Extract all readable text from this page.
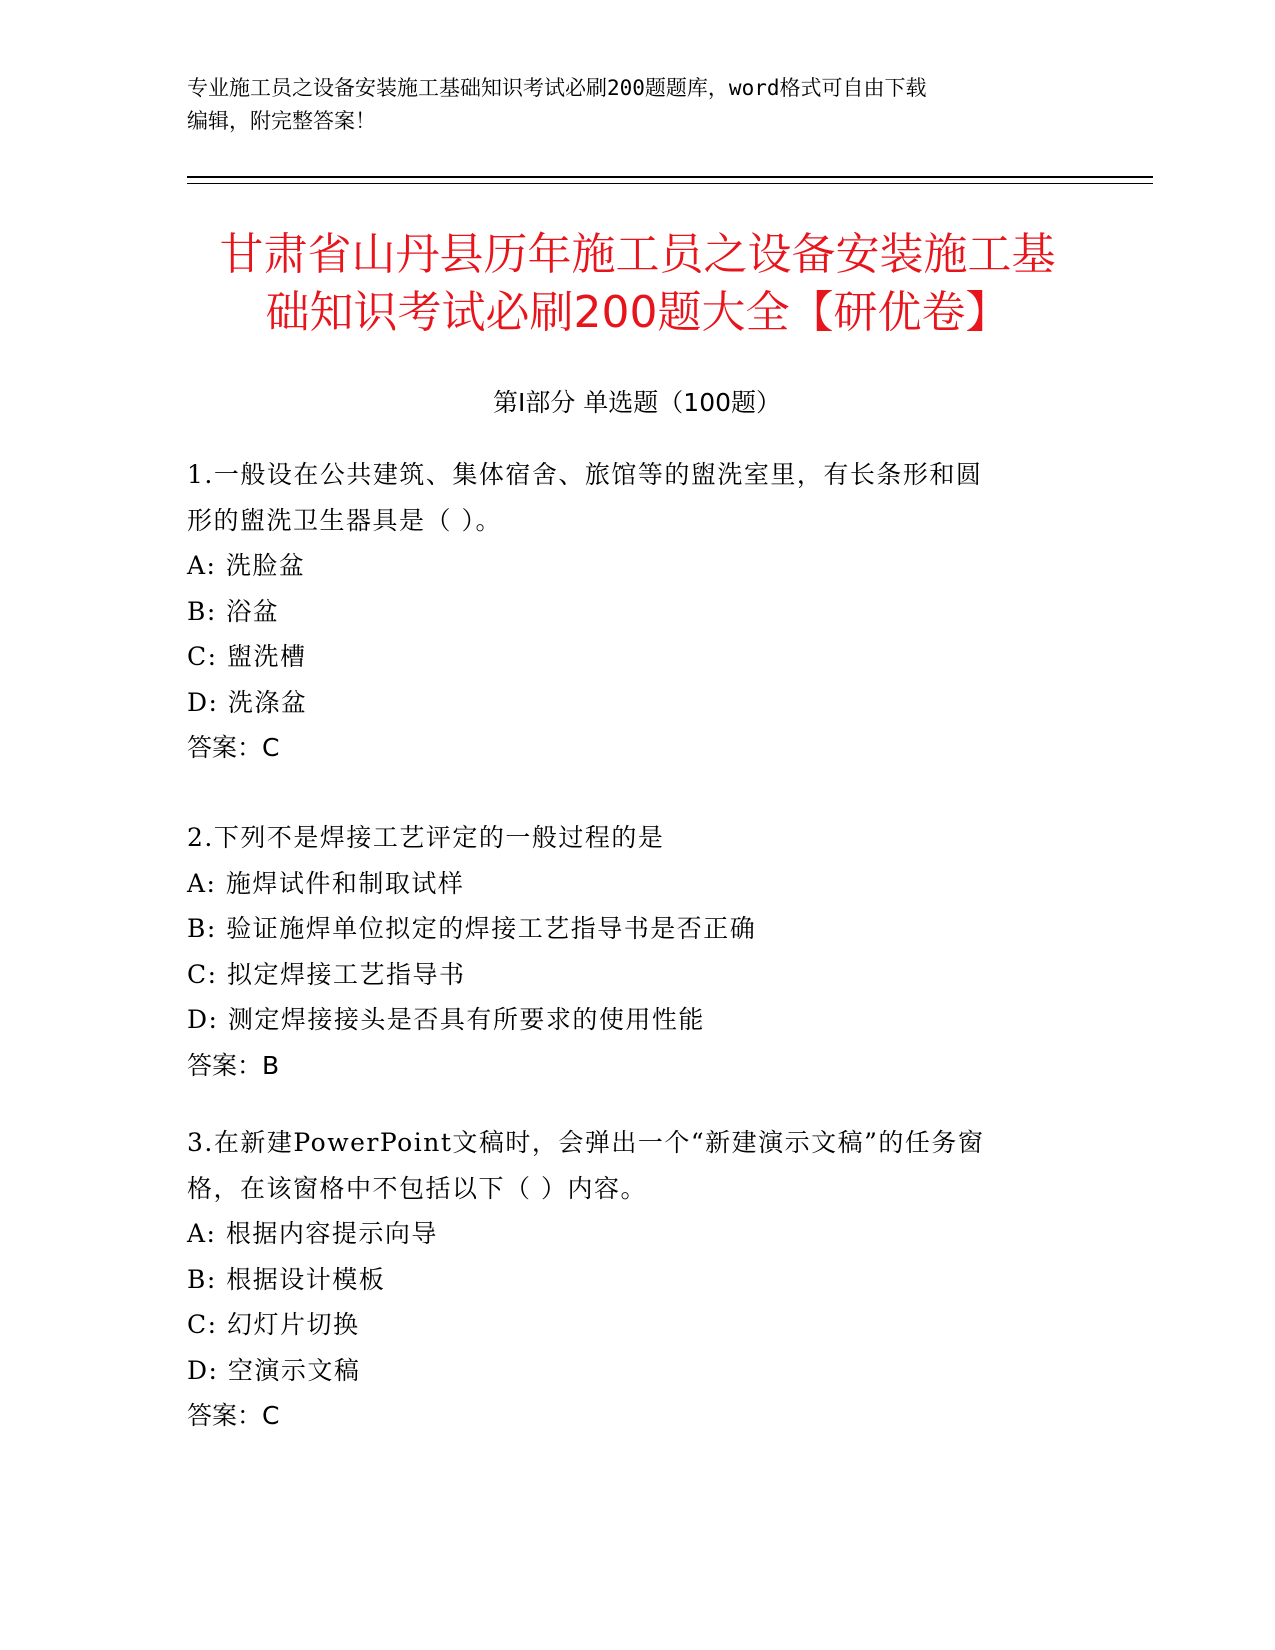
专业施工员之设备安装施工基础知识考试必刷200题题库，word格式可自由下载
编辑，附完整答案！
甘肃省山丹县历年施工员之设备安装施工基
础知识考试必刷200题大全【研优卷】
第I部分 单选题（100题）
1.一般设在公共建筑、集体宿舍、旅馆等的盥洗室里，有长条形和圆
形的盥洗卫生器具是（ ）。
A: 洗脸盆
B: 浴盆
C: 盥洗槽
D: 洗涤盆
答案：C
2.下列不是焊接工艺评定的一般过程的是
A: 施焊试件和制取试样
B: 验证施焊单位拟定的焊接工艺指导书是否正确
C: 拟定焊接工艺指导书
D: 测定焊接接头是否具有所要求的使用性能
答案：B
3.在新建PowerPoint文稿时，会弹出一个“新建演示文稿”的任务窗
格，在该窗格中不包括以下（ ）内容。
A: 根据内容提示向导
B: 根据设计模板
C: 幻灯片切换
D: 空演示文稿
答案：C
